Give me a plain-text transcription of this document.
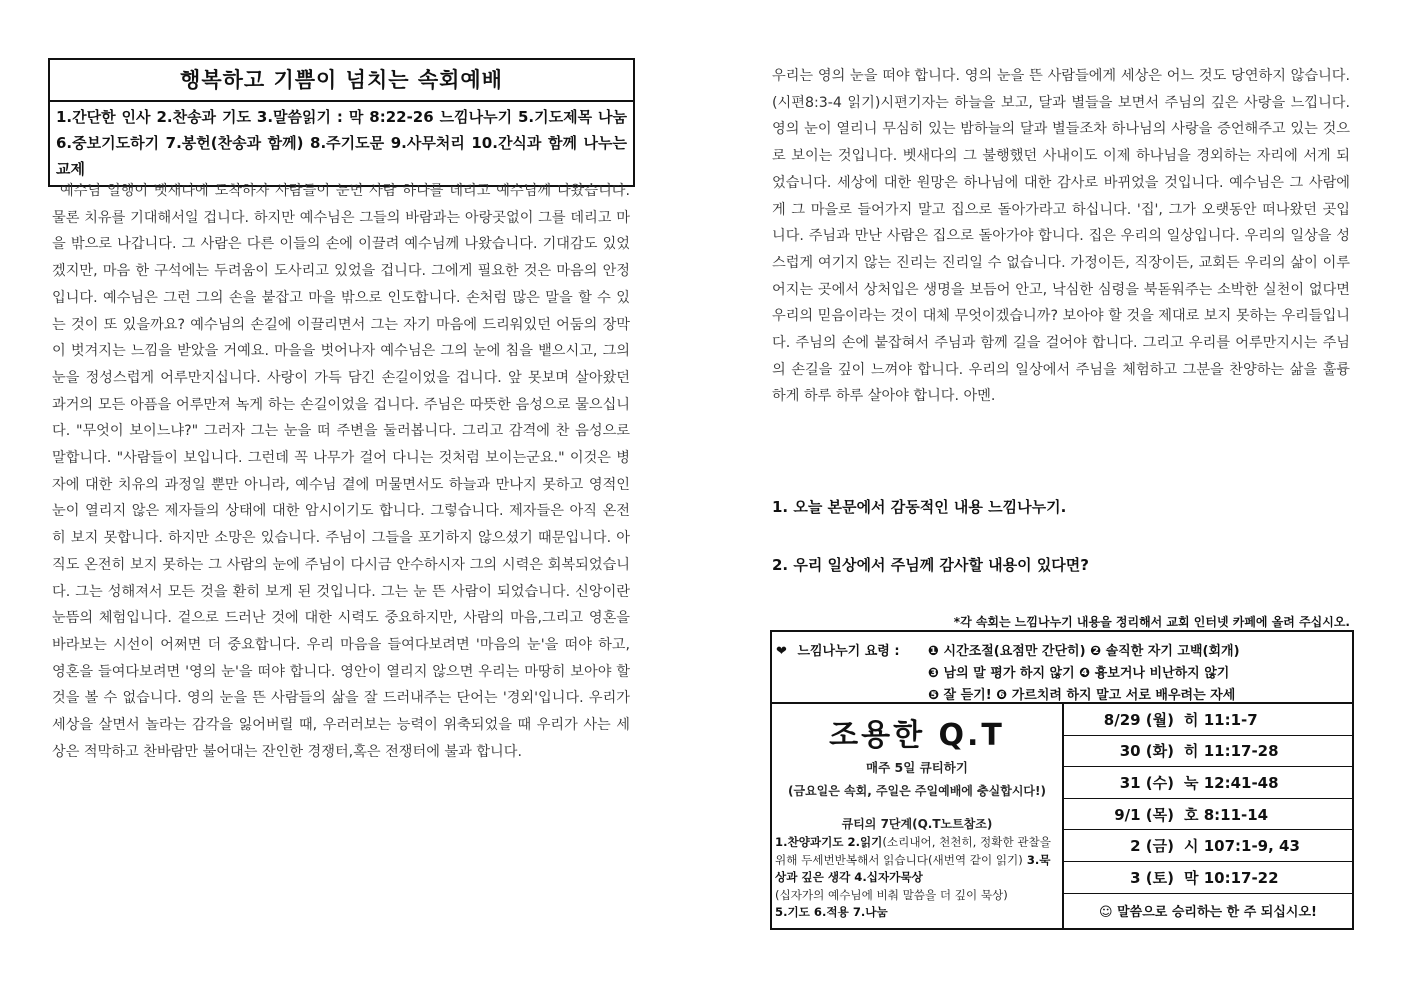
행복하고 기쁨이 넘치는 속회예배
1.간단한 인사 2.찬송과 기도 3.말씀읽기 : 막 8:22-26 느낌나누기 5.기도제목 나눔 6.중보기도하기 7.봉헌(찬송과 함께) 8.주기도문 9.사무처리 10.간식과 함께 나누는 교제

예수님 일행이 벳새다에 도착하자 사람들이 눈먼 사람 하나를 데리고 예수님께 나왔습니다. 물론 치유를 기대해서일 겁니다. 하지만 예수님은 그들의 바람과는 아랑곳없이 그를 데리고 마을 밖으로 나갑니다. 그 사람은 다른 이들의 손에 이끌려 예수님께 나왔습니다. 기대감도 있었겠지만, 마음 한 구석에는 두려움이 도사리고 있었을 겁니다. 그에게 필요한 것은 마음의 안정입니다. 예수님은 그런 그의 손을 붙잡고 마을 밖으로 인도합니다. 손처럼 많은 말을 할 수 있는 것이 또 있을까요? 예수님의 손길에 이끌리면서 그는 자기 마음에 드리워있던 어둠의 장막이 벗겨지는 느낌을 받았을 거예요. 마을을 벗어나자 예수님은 그의 눈에 침을 뱉으시고, 그의 눈을 정성스럽게 어루만지십니다. 사랑이 가득 담긴 손길이었을 겁니다. 앞 못보며 살아왔던 과거의 모든 아픔을 어루만져 녹게 하는 손길이었을 겁니다. 주님은 따뜻한 음성으로 물으십니다. "무엇이 보이느냐?" 그러자 그는 눈을 떠 주변을 둘러봅니다. 그리고 감격에 찬 음성으로 말합니다. "사람들이 보입니다. 그런데 꼭 나무가 걸어 다니는 것처럼 보이는군요." 이것은 병자에 대한 치유의 과정일 뿐만 아니라, 예수님 곁에 머물면서도 하늘과 만나지 못하고 영적인 눈이 열리지 않은 제자들의 상태에 대한 암시이기도 합니다. 그렇습니다. 제자들은 아직 온전히 보지 못합니다. 하지만 소망은 있습니다. 주님이 그들을 포기하지 않으셨기 때문입니다. 아직도 온전히 보지 못하는 그 사람의 눈에 주님이 다시금 안수하시자 그의 시력은 회복되었습니다. 그는 성해져서 모든 것을 환히 보게 된 것입니다. 그는 눈 뜬 사람이 되었습니다. 신앙이란 눈뜸의 체험입니다. 겉으로 드러난 것에 대한 시력도 중요하지만, 사람의 마음,그리고 영혼을 바라보는 시선이 어쩌면 더 중요합니다. 우리 마음을 들여다보려면 '마음의 눈'을 떠야 하고, 영혼을 들여다보려면 '영의 눈'을 떠야 합니다. 영안이 열리지 않으면 우리는 마땅히 보아야 할 것을 볼 수 없습니다. 영의 눈을 뜬 사람들의 삶을 잘 드러내주는 단어는 '경외'입니다. 우리가 세상을 살면서 놀라는 감각을 잃어버릴 때, 우러러보는 능력이 위축되었을 때 우리가 사는 세상은 적막하고 찬바람만 불어대는 잔인한 경쟁터,혹은 전쟁터에 불과 합니다.

우리는 영의 눈을 떠야 합니다. 영의 눈을 뜬 사람들에게 세상은 어느 것도 당연하지 않습니다.(시편8:3-4 읽기)시편기자는 하늘을 보고, 달과 별들을 보면서 주님의 깊은 사랑을 느낍니다. 영의 눈이 열리니 무심히 있는 밤하늘의 달과 별들조차 하나님의 사랑을 증언해주고 있는 것으로 보이는 것입니다. 벳새다의 그 불행했던 사내이도 이제 하나님을 경외하는 자리에 서게 되었습니다. 세상에 대한 원망은 하나님에 대한 감사로 바뀌었을 것입니다. 예수님은 그 사람에게 그 마을로 들어가지 말고 집으로 돌아가라고 하십니다. '집', 그가 오랫동안 떠나왔던 곳입니다. 주님과 만난 사람은 집으로 돌아가야 합니다. 집은 우리의 일상입니다. 우리의 일상을 성스럽게 여기지 않는 진리는 진리일 수 없습니다. 가정이든, 직장이든, 교회든 우리의 삶이 이루어지는 곳에서 상처입은 생명을 보듬어 안고, 낙심한 심령을 북돋워주는 소박한 실천이 없다면 우리의 믿음이라는 것이 대체 무엇이겠습니까? 보아야 할 것을 제대로 보지 못하는 우리들입니다. 주님의 손에 붙잡혀서 주님과 함께 길을 걸어야 합니다. 그리고 우리를 어루만지시는 주님의 손길을 깊이 느껴야 합니다. 우리의 일상에서 주님을 체험하고 그분을 찬양하는 삶을 훌륭하게 하루 하루 살아야 합니다. 아멘.

1. 오늘 본문에서 감동적인 내용 느낌나누기.
2. 우리 일상에서 주님께 감사할 내용이 있다면?
*각 속회는 느낌나누기 내용을 정리해서 교회 인터넷 카페에 올려 주십시오.
❤ 느낌나누기 요령 : ❶ 시간조절(요점만 간단히) ❷ 솔직한 자기 고백(회개)
❸ 남의 말 평가 하지 않기 ❹ 흉보거나 비난하지 않기
❺ 잘 듣기! ❻ 가르치려 하지 말고 서로 배우려는 자세
조용한 Q.T
매주 5일 큐티하기
(금요일은 속회, 주일은 주일예배에 충실합시다!)
큐티의 7단계(Q.T노트참조)
1.찬양과기도 2.읽기(소리내어, 천천히, 정확한 관찰을 위해 두세번반복해서 읽습니다(새번역 같이 읽기) 3.묵상과 깊은 생각 4.십자가묵상
(십자가의 예수님에 비춰 말씀을 더 깊이 묵상)
5.기도 6.적용 7.나눔
8/29 (월) 히 11:1-7
30 (화) 히 11:17-28
31 (수) 눅 12:41-48
9/1 (목) 호 8:11-14
2 (금) 시 107:1-9, 43
3 (토) 막 10:17-22
☺ 말씀으로 승리하는 한 주 되십시오!
